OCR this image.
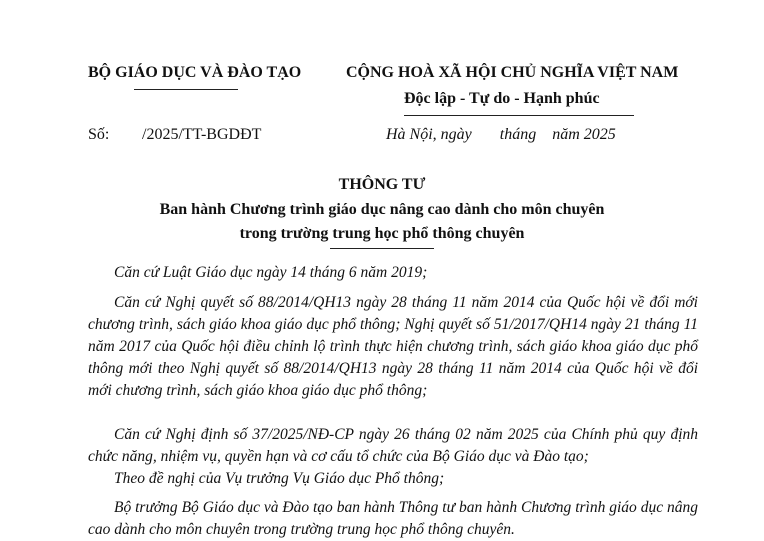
BỘ GIÁO DỤC VÀ ĐÀO TẠO	CỘNG HOÀ XÃ HỘI CHỦ NGHĨA VIỆT NAM
Độc lập - Tự do - Hạnh phúc
Số: /2025/TT-BGDĐT	Hà Nội, ngày       tháng    năm 2025
THÔNG TƯ
Ban hành Chương trình giáo dục nâng cao dành cho môn chuyên
trong trường trung học phổ thông chuyên
Căn cứ Luật Giáo dục ngày 14 tháng 6 năm 2019;
Căn cứ Nghị quyết số 88/2014/QH13 ngày 28 tháng 11 năm 2014 của Quốc hội về đổi mới chương trình, sách giáo khoa giáo dục phổ thông; Nghị quyết số 51/2017/QH14 ngày 21 tháng 11 năm 2017 của Quốc hội điều chỉnh lộ trình thực hiện chương trình, sách giáo khoa giáo dục phổ thông mới theo Nghị quyết số 88/2014/QH13 ngày 28 tháng 11 năm 2014 của Quốc hội về đổi mới chương trình, sách giáo khoa giáo dục phổ thông;
Căn cứ Nghị định số 37/2025/NĐ-CP ngày 26 tháng 02 năm 2025 của Chính phủ quy định chức năng, nhiệm vụ, quyền hạn và cơ cấu tổ chức của Bộ Giáo dục và Đào tạo;
Theo đề nghị của Vụ trưởng Vụ Giáo dục Phổ thông;
Bộ trưởng Bộ Giáo dục và Đào tạo ban hành Thông tư ban hành Chương trình giáo dục nâng cao dành cho môn chuyên trong trường trung học phổ thông chuyên.
